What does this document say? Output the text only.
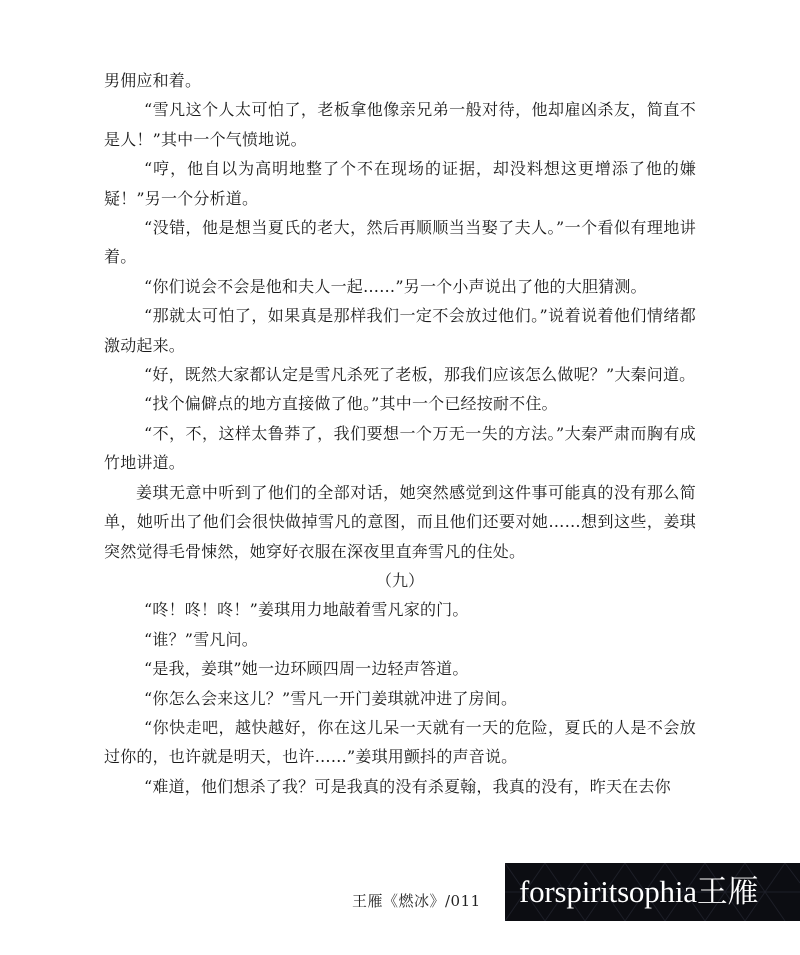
男佣应和着。

“雪凡这个人太可怕了，老板拿他像亲兄弟一般对待，他却雇凶杀友，简直不是人！”其中一个气愤地说。

“哼，他自以为高明地整了个不在现场的证据，却没料想这更增添了他的嫌疑！”另一个分析道。

“没错，他是想当夏氏的老大，然后再顺顺当当娶了夫人。”一个看似有理地讲着。

“你们说会不会是他和夫人一起……”另一个小声说出了他的大胆猜测。

“那就太可怕了，如果真是那样我们一定不会放过他们。”说着说着他们情绪都激动起来。

“好，既然大家都认定是雪凡杀死了老板，那我们应该怎么做呢？”大秦问道。

“找个偏僻点的地方直接做了他。”其中一个已经按耐不住。

“不，不，这样太鲁莽了，我们要想一个万无一失的方法。”大秦严肃而胸有成竹地讲道。

姜琪无意中听到了他们的全部对话，她突然感觉到这件事可能真的没有那么简单，她听出了他们会很快做掉雪凡的意图，而且他们还要对她……想到这些，姜琪突然觉得毛骨悚然，她穿好衣服在深夜里直奔雪凡的住处。

（九）

“咚！咚！咚！”姜琪用力地敲着雪凡家的门。

“谁？”雪凡问。

“是我，姜琪”她一边环顾四周一边轻声答道。

“你怎么会来这儿？”雪凡一开门姜琪就冲进了房间。

“你快走吧，越快越好，你在这儿呆一天就有一天的危险，夏氏的人是不会放过你的，也许就是明天，也许……”姜琪用颤抖的声音说。

“难道，他们想杀了我？可是我真的没有杀夏翰，我真的没有，昨天在去你

王雁《燃冰》/011 forspiritsophia王雁
